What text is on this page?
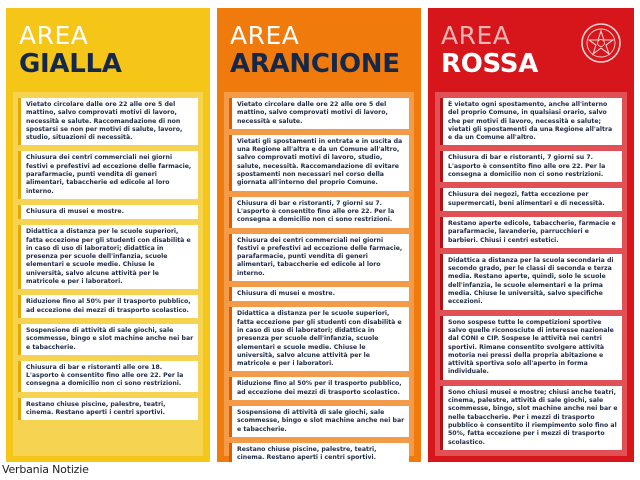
AREA
GIALLA
Vietato circolare dalle ore 22 alle ore 5 del mattino, salvo comprovati motivi di lavoro, necessità e salute. Raccomandazione di non spostarsi se non per motivi di salute, lavoro, studio, situazioni di necessità.
Chiusura dei centri commerciali nei giorni festivi e prefestivi ad eccezione delle farmacie, parafarmacie, punti vendita di generi alimentari, tabaccherie ed edicole al loro interno.
Chiusura di musei e mostre.
Didattica a distanza per le scuole superiori, fatta eccezione per gli studenti con disabilità e in caso di uso di laboratori; didattica in presenza per scuole dell'infanzia, scuole elementari e scuole medie. Chiuse le università, salvo alcune attività per le matricole e per i laboratori.
Riduzione fino al 50% per il trasporto pubblico, ad eccezione dei mezzi di trasporto scolastico.
Sospensione di attività di sale giochi, sale scommesse, bingo e slot machine anche nei bar e tabaccherie.
Chiusura di bar e ristoranti alle ore 18. L'asporto è consentito fino alle ore 22. Per la consegna a domicilio non ci sono restrizioni.
Restano chiuse piscine, palestre, teatri, cinema. Restano aperti i centri sportivi.
AREA
ARANCIONE
Vietato circolare dalle ore 22 alle ore 5 del mattino, salvo comprovati motivi di lavoro, necessità e salute.
Vietati gli spostamenti in entrata e in uscita da una Regione all'altra e da un Comune all'altro, salvo comprovati motivi di lavoro, studio, salute, necessità. Raccomandazione di evitare spostamenti non necessari nel corso della giornata all'interno del proprio Comune.
Chiusura di bar e ristoranti, 7 giorni su 7. L'asporto è consentito fino alle ore 22. Per la consegna a domicilio non ci sono restrizioni.
Chiusura dei centri commerciali nei giorni festivi e prefestivi ad eccezione delle farmacie, parafarmacie, punti vendita di generi alimentari, tabaccherie ed edicole al loro interno.
Chiusura di musei e mostre.
Didattica a distanza per le scuole superiori, fatta eccezione per gli studenti con disabilità e in caso di uso di laboratori; didattica in presenza per scuole dell'infanzia, scuole elementari e scuole medie. Chiuse le università, salvo alcune attività per le matricole e per i laboratori.
Riduzione fino al 50% per il trasporto pubblico, ad eccezione dei mezzi di trasporto scolastico.
Sospensione di attività di sale giochi, sale scommesse, bingo e slot machine anche nei bar e tabaccherie.
Restano chiuse piscine, palestre, teatri, cinema. Restano aperti i centri sportivi.
AREA
ROSSA
È vietato ogni spostamento, anche all'interno del proprio Comune, in qualsiasi orario, salvo che per motivi di lavoro, necessità e salute; vietati gli spostamenti da una Regione all'altra e da un Comune all'altro.
Chiusura di bar e ristoranti, 7 giorni su 7. L'asporto è consentito fino alle ore 22. Per la consegna a domicilio non ci sono restrizioni.
Chiusura dei negozi, fatta eccezione per supermercati, beni alimentari e di necessità.
Restano aperte edicole, tabaccherie, farmacie e parafarmacie, lavanderie, parrucchieri e barbieri. Chiusi i centri estetici.
Didattica a distanza per la scuola secondaria di secondo grado, per le classi di seconda e terza media. Restano aperte, quindi, solo le scuole dell'infanzia, le scuole elementari e la prima media. Chiuse le università, salvo specifiche eccezioni.
Sono sospese tutte le competizioni sportive salvo quelle riconosciute di interesse nazionale dal CONI e CIP. Sospese le attività nei centri sportivi. Rimane consentito svolgere attività motoria nei pressi della propria abitazione e attività sportiva solo all'aperto in forma individuale.
Sono chiusi musei e mostre; chiusi anche teatri, cinema, palestre, attività di sale giochi, sale scommesse, bingo, slot machine anche nei bar e nelle tabaccherie. Per i mezzi di trasporto pubblico è consentito il riempimento solo fino al 50%, fatta eccezione per i mezzi di trasporto scolastico.
Verbania Notizie
